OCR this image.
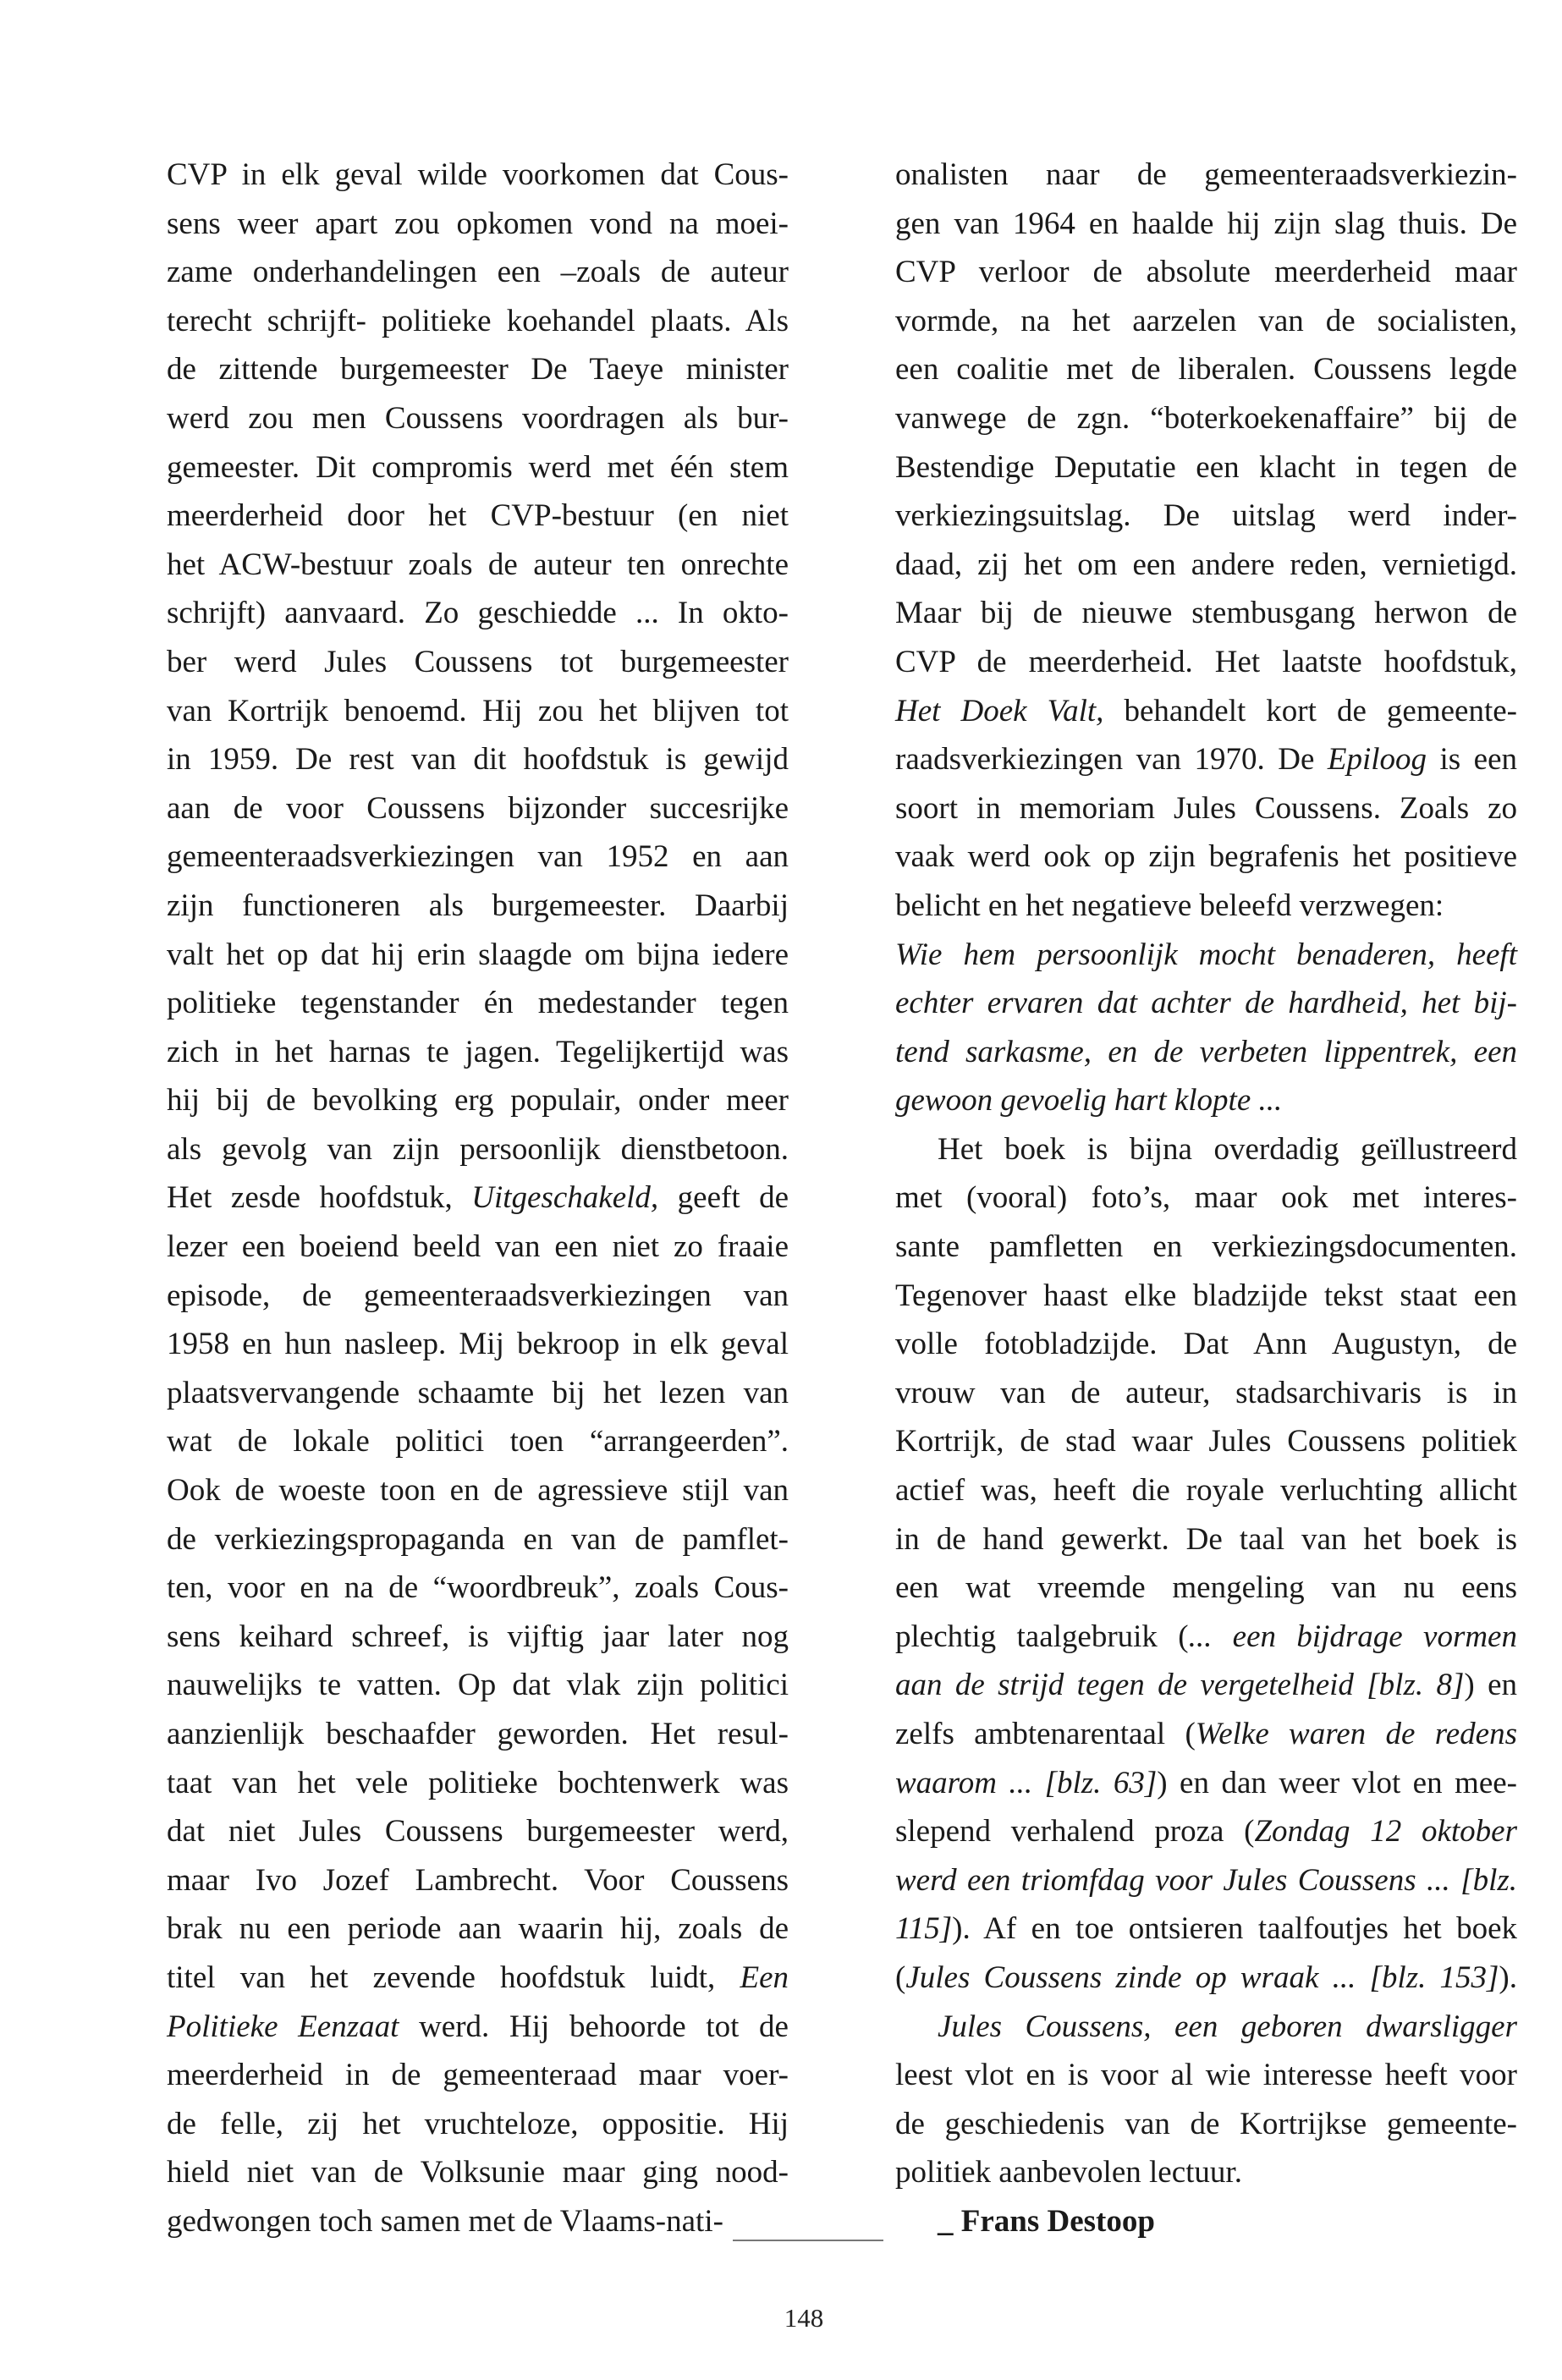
CVP in elk geval wilde voorkomen dat Cous-
sens weer apart zou opkomen vond na moei-
zame onderhandelingen een –zoals de auteur
terecht schrijft- politieke koehandel plaats. Als
de zittende burgemeester De Taeye minister
werd zou men Coussens voordragen als bur-
gemeester. Dit compromis werd met één stem
meerderheid door het CVP-bestuur (en niet
het ACW-bestuur zoals de auteur ten onrechte
schrijft) aanvaard. Zo geschiedde ... In okto-
ber werd Jules Coussens tot burgemeester
van Kortrijk benoemd. Hij zou het blijven tot
in 1959. De rest van dit hoofdstuk is gewijd
aan de voor Coussens bijzonder succesrijke
gemeenteraadsverkiezingen van 1952 en aan
zijn functioneren als burgemeester. Daarbij
valt het op dat hij erin slaagde om bijna iedere
politieke tegenstander én medestander tegen
zich in het harnas te jagen. Tegelijkertijd was
hij bij de bevolking erg populair, onder meer
als gevolg van zijn persoonlijk dienstbetoon.
Het zesde hoofdstuk, Uitgeschakeld, geeft de
lezer een boeiend beeld van een niet zo fraaie
episode, de gemeenteraadsverkiezingen van
1958 en hun nasleep. Mij bekroop in elk geval
plaatsvervangende schaamte bij het lezen van
wat de lokale politici toen “arrangeerden”.
Ook de woeste toon en de agressieve stijl van
de verkiezingspropaganda en van de pamflet-
ten, voor en na de “woordbreuk”, zoals Cous-
sens keihard schreef, is vijftig jaar later nog
nauwelijks te vatten. Op dat vlak zijn politici
aanzienlijk beschaafder geworden. Het resul-
taat van het vele politieke bochtenwerk was
dat niet Jules Coussens burgemeester werd,
maar Ivo Jozef Lambrecht. Voor Coussens
brak nu een periode aan waarin hij, zoals de
titel van het zevende hoofdstuk luidt, Een
Politieke Eenzaat werd. Hij behoorde tot de
meerderheid in de gemeenteraad maar voer-
de felle, zij het vruchteloze, oppositie. Hij
hield niet van de Volksunie maar ging nood-
gedwongen toch samen met de Vlaams-nati-
onalisten naar de gemeenteraadsverkiezin-
gen van 1964 en haalde hij zijn slag thuis. De
CVP verloor de absolute meerderheid maar
vormde, na het aarzelen van de socialisten,
een coalitie met de liberalen. Coussens legde
vanwege de zgn. “boterkoekenaffaire” bij de
Bestendige Deputatie een klacht in tegen de
verkiezingsuitslag. De uitslag werd inder-
daad, zij het om een andere reden, vernietigd.
Maar bij de nieuwe stembusgang herwon de
CVP de meerderheid. Het laatste hoofdstuk,
Het Doek Valt, behandelt kort de gemeente-
raadsverkiezingen van 1970. De Epiloog is een
soort in memoriam Jules Coussens. Zoals zo
vaak werd ook op zijn begrafenis het positieve
belicht en het negatieve beleefd verzwegen:
Wie hem persoonlijk mocht benaderen, heeft
echter ervaren dat achter de hardheid, het bij-
tend sarkasme, en de verbeten lippentrek, een
gewoon gevoelig hart klopte ...
Het boek is bijna overdadig geïllustreerd
met (vooral) foto’s, maar ook met interes-
sante pamfletten en verkiezingsdocumenten.
Tegenover haast elke bladzijde tekst staat een
volle fotobladzijde. Dat Ann Augustyn, de
vrouw van de auteur, stadsarchivaris is in
Kortrijk, de stad waar Jules Coussens politiek
actief was, heeft die royale verluchting allicht
in de hand gewerkt. De taal van het boek is
een wat vreemde mengeling van nu eens
plechtig taalgebruik (... een bijdrage vormen
aan de strijd tegen de vergetelheid [blz. 8]) en
zelfs ambtenarentaal (Welke waren de redens
waarom ... [blz. 63]) en dan weer vlot en mee-
slepend verhalend proza (Zondag 12 oktober
werd een triomfdag voor Jules Coussens ... [blz.
115]). Af en toe ontsieren taalfoutjes het boek
(Jules Coussens zinde op wraak ... [blz. 153]).
Jules Coussens, een geboren dwarsligger
leest vlot en is voor al wie interesse heeft voor
de geschiedenis van de Kortrijkse gemeente-
politiek aanbevolen lectuur.
_ Frans Destoop
148
